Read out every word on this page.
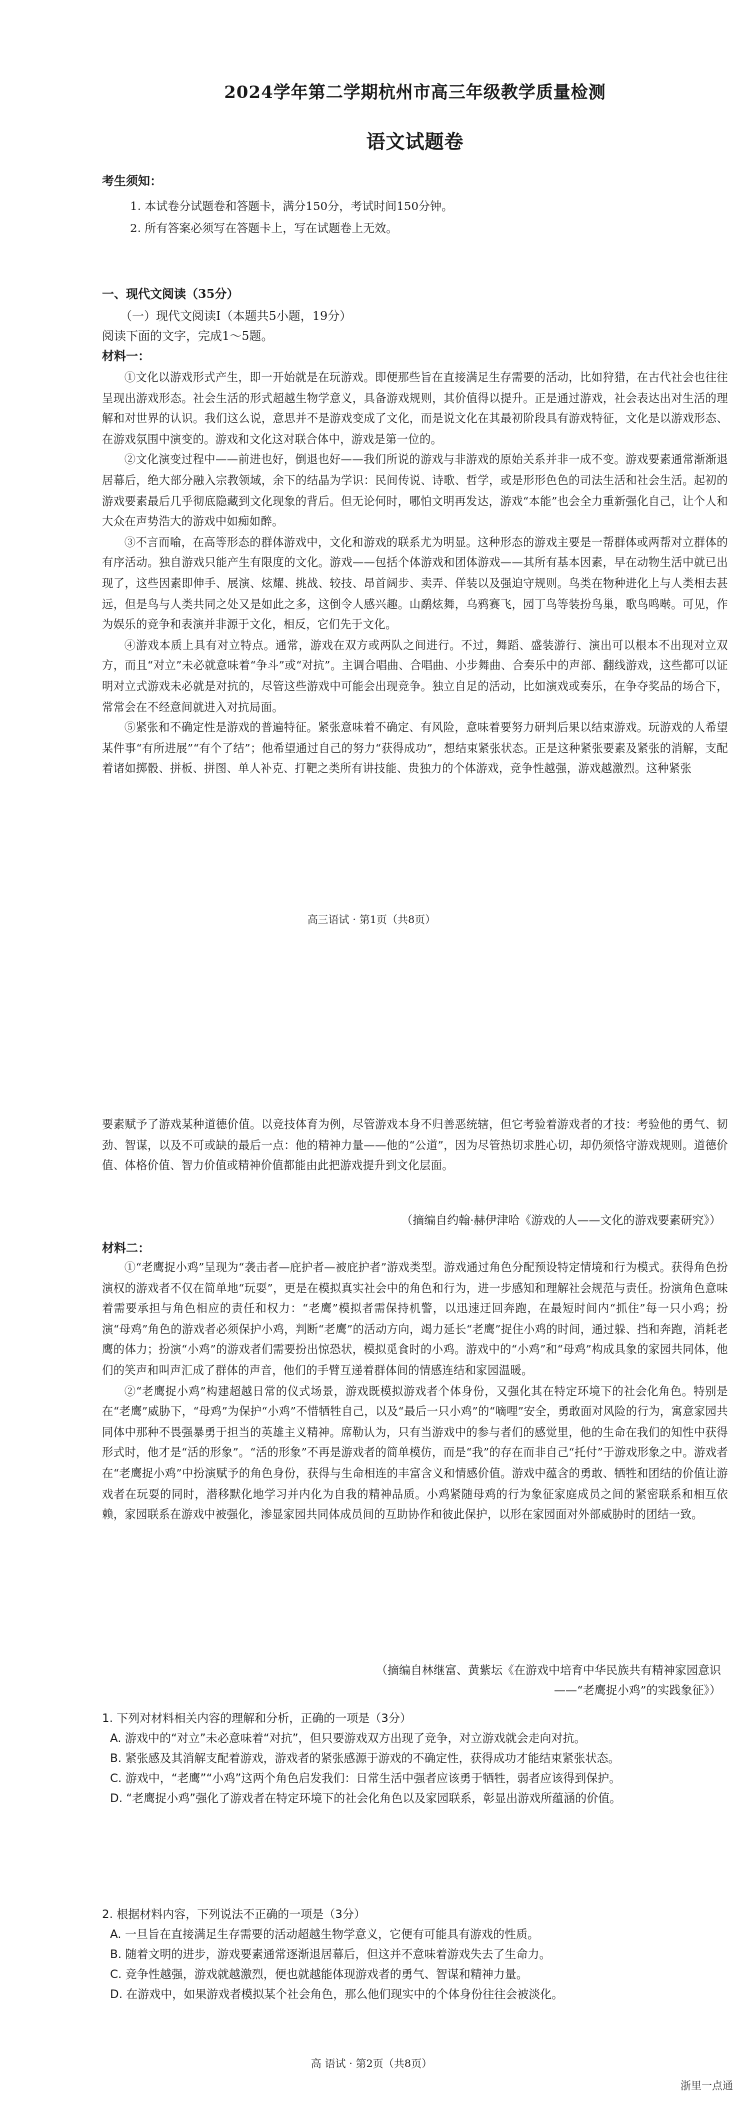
2024学年第二学期杭州市高三年级教学质量检测
语文试题卷
考生须知：
1. 本试卷分试题卷和答题卡，满分150分，考试时间150分钟。
2. 所有答案必须写在答题卡上，写在试题卷上无效。
一、现代文阅读（35分）
（一）现代文阅读Ⅰ（本题共5小题，19分）
阅读下面的文字，完成1～5题。
材料一：

①文化以游戏形式产生，即一开始就是在玩游戏。即便那些旨在直接满足生存需要的活动，比如狩猎，在古代社会也往往呈现出游戏形态。社会生活的形式超越生物学意义，具备游戏规则，其价值得以提升。正是通过游戏，社会表达出对生活的理解和对世界的认识。我们这么说，意思并不是游戏变成了文化，而是说文化在其最初阶段具有游戏特征，文化是以游戏形态、在游戏氛围中演变的。游戏和文化这对联合体中，游戏是第一位的。

②文化演变过程中——前进也好，倒退也好——我们所说的游戏与非游戏的原始关系并非一成不变。游戏要素通常渐渐退居幕后，绝大部分融入宗教领域，余下的结晶为学识：民间传说、诗歌、哲学，或是形形色色的司法生活和社会生活。起初的游戏要素最后几乎彻底隐藏到文化现象的背后。但无论何时，哪怕文明再发达，游戏“本能”也会全力重新强化自己，让个人和大众在声势浩大的游戏中如痴如醉。

③不言而喻，在高等形态的群体游戏中，文化和游戏的联系尤为明显。这种形态的游戏主要是一帮群体或两帮对立群体的有序活动。独自游戏只能产生有限度的文化。游戏——包括个体游戏和团体游戏——其所有基本因素，早在动物生活中就已出现了，这些因素即伸手、展演、炫耀、挑战、较技、昂首阔步、卖弄、佯装以及强迫守规则。鸟类在物种进化上与人类相去甚远，但是鸟与人类共同之处又是如此之多，这倒令人感兴趣。山鹬炫舞，乌鸦赛飞，园丁鸟等装扮鸟巢，歌鸟鸣啭。可见，作为娱乐的竞争和表演并非源于文化，相反，它们先于文化。

④游戏本质上具有对立特点。通常，游戏在双方或两队之间进行。不过，舞蹈、盛装游行、演出可以根本不出现对立双方，而且“对立”未必就意味着“争斗”或“对抗”。主调合唱曲、合唱曲、小步舞曲、合奏乐中的声部、翻线游戏，这些都可以证明对立式游戏未必就是对抗的，尽管这些游戏中可能会出现竞争。独立自足的活动，比如演戏或奏乐，在争夺奖品的场合下，常常会在不经意间就进入对抗局面。

⑤紧张和不确定性是游戏的普遍特征。紧张意味着不确定、有风险，意味着要努力研判后果以结束游戏。玩游戏的人希望某件事“有所进展”“有个了结”；他希望通过自己的努力“获得成功”，想结束紧张状态。正是这种紧张要素及紧张的消解，支配着诸如掷骰、拼板、拼图、单人补克、打靶之类所有讲技能、贵独力的个体游戏，竞争性越强，游戏越激烈。这种紧张

高三语试 · 第1页（共8页）

要素赋予了游戏某种道德价值。以竞技体育为例，尽管游戏本身不归善恶统辖，但它考验着游戏者的才技：考验他的勇气、韧劲、智谋，以及不可或缺的最后一点：他的精神力量——他的“公道”，因为尽管热切求胜心切，却仍须恪守游戏规则。道德价值、体格价值、智力价值或精神价值都能由此把游戏提升到文化层面。

（摘编自约翰·赫伊津哈《游戏的人——文化的游戏要素研究》）
材料二：

①“老鹰捉小鸡”呈现为“袭击者—庇护者—被庇护者”游戏类型。游戏通过角色分配预设特定情境和行为模式。获得角色扮演权的游戏者不仅在简单地“玩耍”，更是在模拟真实社会中的角色和行为，进一步感知和理解社会规范与责任。扮演角色意味着需要承担与角色相应的责任和权力：“老鹰”模拟者需保持机警，以迅速迂回奔跑，在最短时间内“抓住”每一只小鸡；扮演“母鸡”角色的游戏者必须保护小鸡，判断“老鹰”的活动方向，竭力延长“老鹰”捉住小鸡的时间，通过躲、挡和奔跑，消耗老鹰的体力；扮演“小鸡”的游戏者们需要扮出惊恐状，模拟觅食时的小鸡。游戏中的“小鸡”和“母鸡”构成具象的家园共同体，他们的笑声和叫声汇成了群体的声音，他们的手臂互递着群体间的情感连结和家园温暖。

②“老鹰捉小鸡”构建超越日常的仪式场景，游戏既模拟游戏者个体身份，又强化其在特定环境下的社会化角色。特别是在“老鹰”威胁下，“母鸡”为保护“小鸡”不惜牺牲自己，以及“最后一只小鸡”的“嘀哩”安全，勇敢面对风险的行为，寓意家园共同体中那种不畏强暴勇于担当的英雄主义精神。席勒认为，只有当游戏中的参与者们的感觉里，他的生命在我们的知性中获得形式时，他才是“活的形象”。“活的形象”不再是游戏者的简单模仿，而是“我”的存在而非自己“托付”于游戏形象之中。游戏者在“老鹰捉小鸡”中扮演赋予的角色身份，获得与生命相连的丰富含义和情感价值。游戏中蕴含的勇敢、牺牲和团结的价值让游戏者在玩耍的同时，潜移默化地学习并内化为自我的精神品质。小鸡紧随母鸡的行为象征家庭成员之间的紧密联系和相互依赖，家园联系在游戏中被强化，渗显家园共同体成员间的互助协作和彼此保护，以形在家园面对外部威胁时的团结一致。

（摘编自林继富、黄紫坛《在游戏中培育中华民族共有精神家园意识
——“老鹰捉小鸡”的实践象征》）
1. 下列对材料相关内容的理解和分析，正确的一项是（3分）
A. 游戏中的“对立”未必意味着“对抗”，但只要游戏双方出现了竞争，对立游戏就会走向对抗。
B. 紧张感及其消解支配着游戏，游戏者的紧张感源于游戏的不确定性，获得成功才能结束紧张状态。
C. 游戏中，“老鹰”“小鸡”这两个角色启发我们：日常生活中强者应该勇于牺牲，弱者应该得到保护。
D. “老鹰捉小鸡”强化了游戏者在特定环境下的社会化角色以及家园联系，彰显出游戏所蕴涵的价值。
2. 根据材料内容，下列说法不正确的一项是（3分）
A. 一旦旨在直接满足生存需要的活动超越生物学意义，它便有可能具有游戏的性质。
B. 随着文明的进步，游戏要素通常逐渐退居幕后，但这并不意味着游戏失去了生命力。
C. 竞争性越强，游戏就越激烈，便也就越能体现游戏者的勇气、智谋和精神力量。
D. 在游戏中，如果游戏者模拟某个社会角色，那么他们现实中的个体身份往往会被淡化。
高 语试 · 第2页（共8页）
浙里一点通
